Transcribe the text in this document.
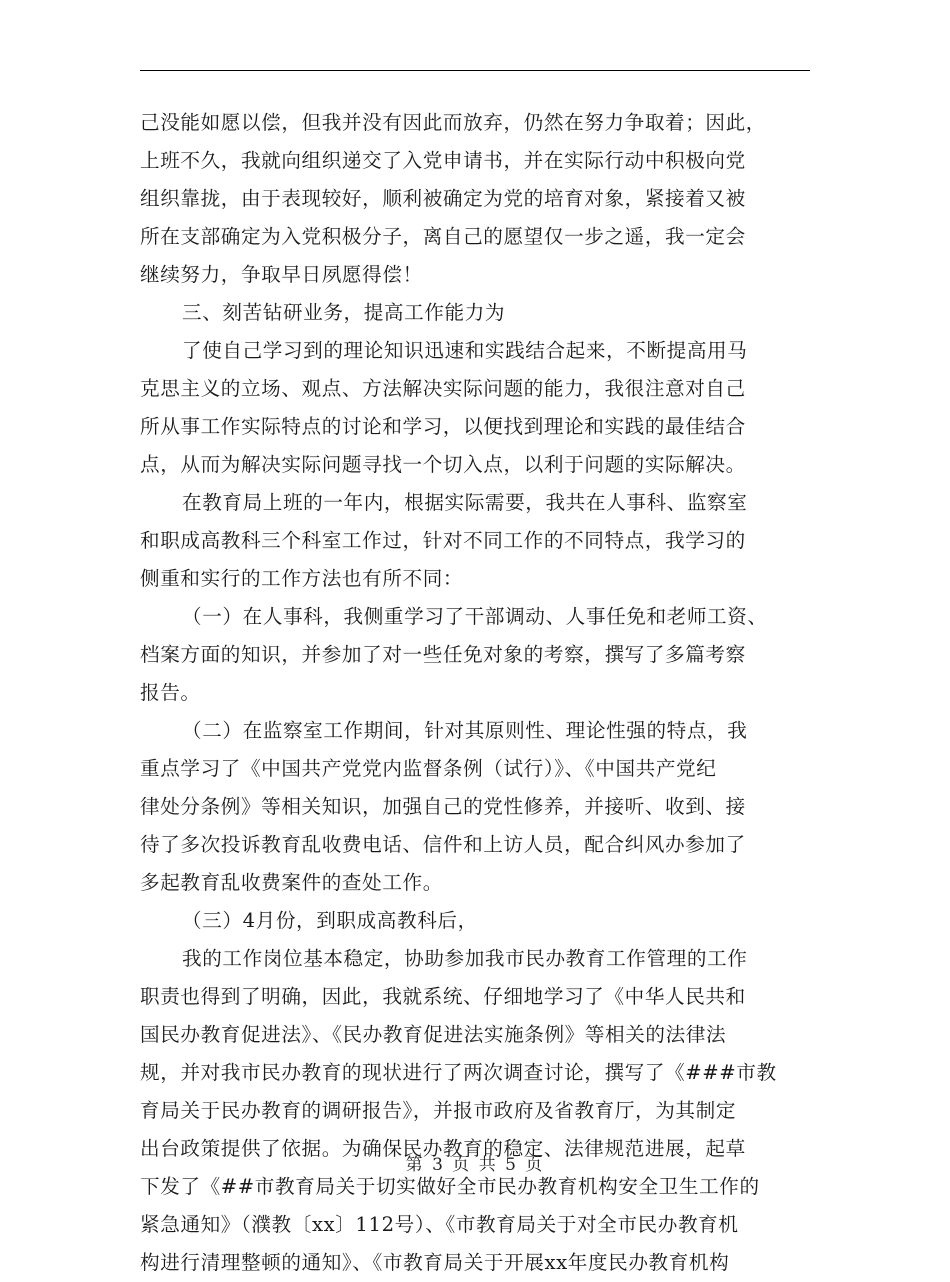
己没能如愿以偿，但我并没有因此而放弃，仍然在努力争取着；因此，
上班不久，我就向组织递交了入党申请书，并在实际行动中积极向党
组织靠拢，由于表现较好，顺利被确定为党的培育对象，紧接着又被
所在支部确定为入党积极分子，离自己的愿望仅一步之遥，我一定会
继续努力，争取早日夙愿得偿！
三、刻苦钻研业务，提高工作能力为
了使自己学习到的理论知识迅速和实践结合起来，不断提高用马
克思主义的立场、观点、方法解决实际问题的能力，我很注意对自己
所从事工作实际特点的讨论和学习，以便找到理论和实践的最佳结合
点，从而为解决实际问题寻找一个切入点，以利于问题的实际解决。
在教育局上班的一年内，根据实际需要，我共在人事科、监察室
和职成高教科三个科室工作过，针对不同工作的不同特点，我学习的
侧重和实行的工作方法也有所不同：
（一）在人事科，我侧重学习了干部调动、人事任免和老师工资、
档案方面的知识，并参加了对一些任免对象的考察，撰写了多篇考察
报告。
（二）在监察室工作期间，针对其原则性、理论性强的特点，我
重点学习了《中国共产党党内监督条例（试行）》、《中国共产党纪
律处分条例》等相关知识，加强自己的党性修养，并接听、收到、接
待了多次投诉教育乱收费电话、信件和上访人员，配合纠风办参加了
多起教育乱收费案件的查处工作。
（三）4月份，到职成高教科后，
我的工作岗位基本稳定，协助参加我市民办教育工作管理的工作
职责也得到了明确，因此，我就系统、仔细地学习了《中华人民共和
国民办教育促进法》、《民办教育促进法实施条例》等相关的法律法
规，并对我市民办教育的现状进行了两次调查讨论，撰写了《###市教
育局关于民办教育的调研报告》，并报市政府及省教育厅，为其制定
出台政策提供了依据。为确保民办教育的稳定、法律规范进展，起草
下发了《##市教育局关于切实做好全市民办教育机构安全卫生工作的
紧急通知》（濮教〔xx〕112号）、《市教育局关于对全市民办教育机
构进行清理整顿的通知》、《市教育局关于开展xx年度民办教育机构
第 3 页 共 5 页
